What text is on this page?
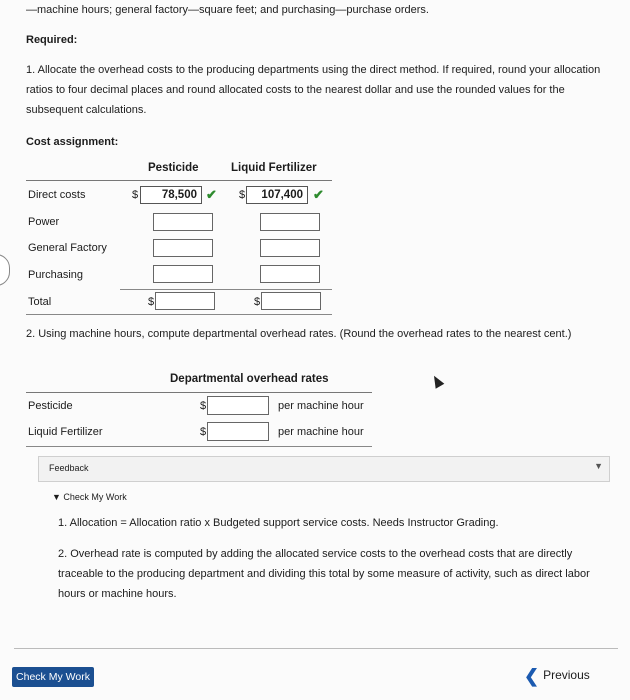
—machine hours; general factory—square feet; and purchasing—purchase orders.
Required:
1. Allocate the overhead costs to the producing departments using the direct method. If required, round your allocation ratios to four decimal places and round allocated costs to the nearest dollar and use the rounded values for the subsequent calculations.
Cost assignment:
Pesticide	Liquid Fertilizer
Direct costs	$	78,500 ✔ $	107,400 ✔
Power
General Factory
Purchasing
Total	$	$
2. Using machine hours, compute departmental overhead rates. (Round the overhead rates to the nearest cent.)
Departmental overhead rates
Pesticide	$	per machine hour
Liquid Fertilizer	$	per machine hour
Feedback	▼
▼ Check My Work
1. Allocation = Allocation ratio x Budgeted support service costs. Needs Instructor Grading.
2. Overhead rate is computed by adding the allocated service costs to the overhead costs that are directly traceable to the producing department and dividing this total by some measure of activity, such as direct labor hours or machine hours.
Check My Work	❮ Previous
